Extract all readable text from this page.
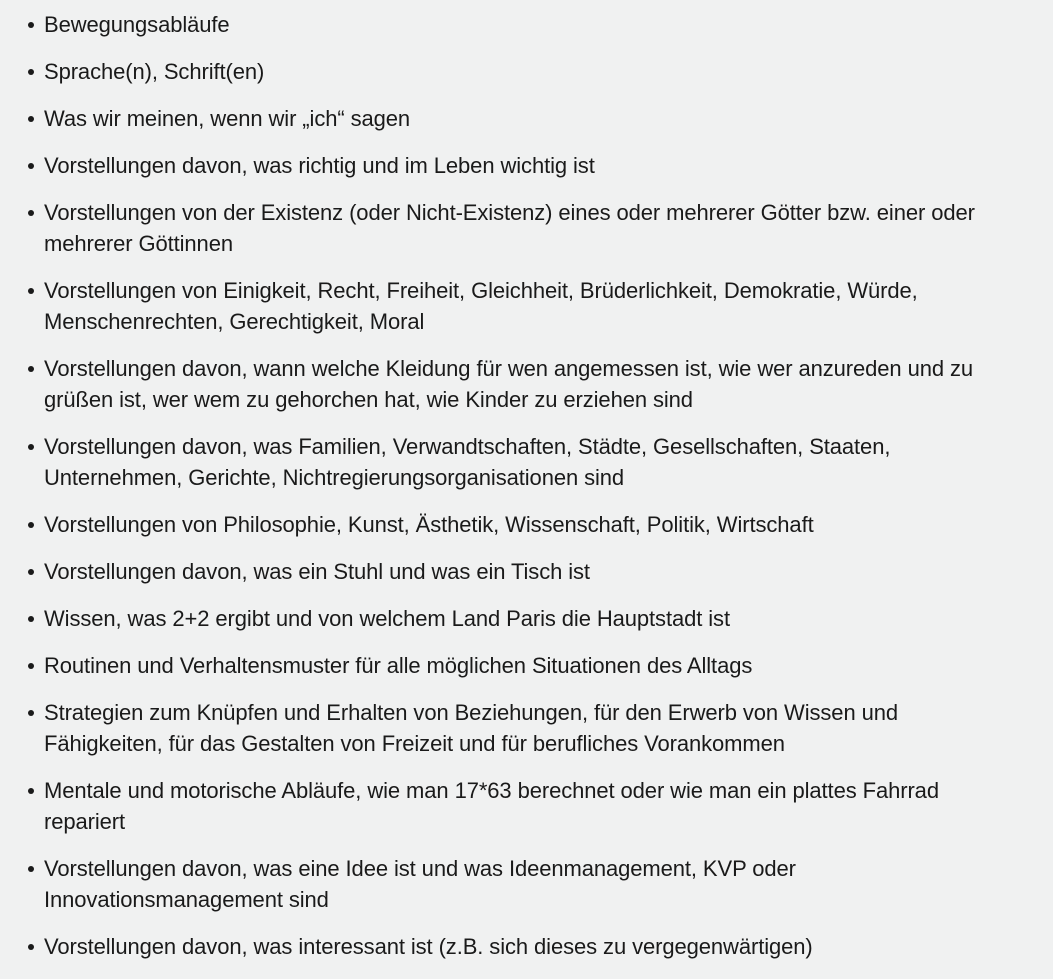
Bewegungsabläufe
Sprache(n), Schrift(en)
Was wir meinen, wenn wir „ich“ sagen
Vorstellungen davon, was richtig und im Leben wichtig ist
Vorstellungen von der Existenz (oder Nicht-Existenz) eines oder mehrerer Götter bzw. einer oder mehrerer Göttinnen
Vorstellungen von Einigkeit, Recht, Freiheit, Gleichheit, Brüderlichkeit, Demokratie, Würde, Menschenrechten, Gerechtigkeit, Moral
Vorstellungen davon, wann welche Kleidung für wen angemessen ist, wie wer anzureden und zu grüßen ist, wer wem zu gehorchen hat, wie Kinder zu erziehen sind
Vorstellungen davon, was Familien, Verwandtschaften, Städte, Gesellschaften, Staaten, Unternehmen, Gerichte, Nichtregierungsorganisationen sind
Vorstellungen von Philosophie, Kunst, Ästhetik, Wissenschaft, Politik, Wirtschaft
Vorstellungen davon, was ein Stuhl und was ein Tisch ist
Wissen, was 2+2 ergibt und von welchem Land Paris die Hauptstadt ist
Routinen und Verhaltensmuster für alle möglichen Situationen des Alltags
Strategien zum Knüpfen und Erhalten von Beziehungen, für den Erwerb von Wissen und Fähigkeiten, für das Gestalten von Freizeit und für berufliches Vorankommen
Mentale und motorische Abläufe, wie man 17*63 berechnet oder wie man ein plattes Fahrrad repariert
Vorstellungen davon, was eine Idee ist und was Ideenmanagement, KVP oder Innovationsmanagement sind
Vorstellungen davon, was interessant ist (z.B. sich dieses zu vergegenwärtigen)
